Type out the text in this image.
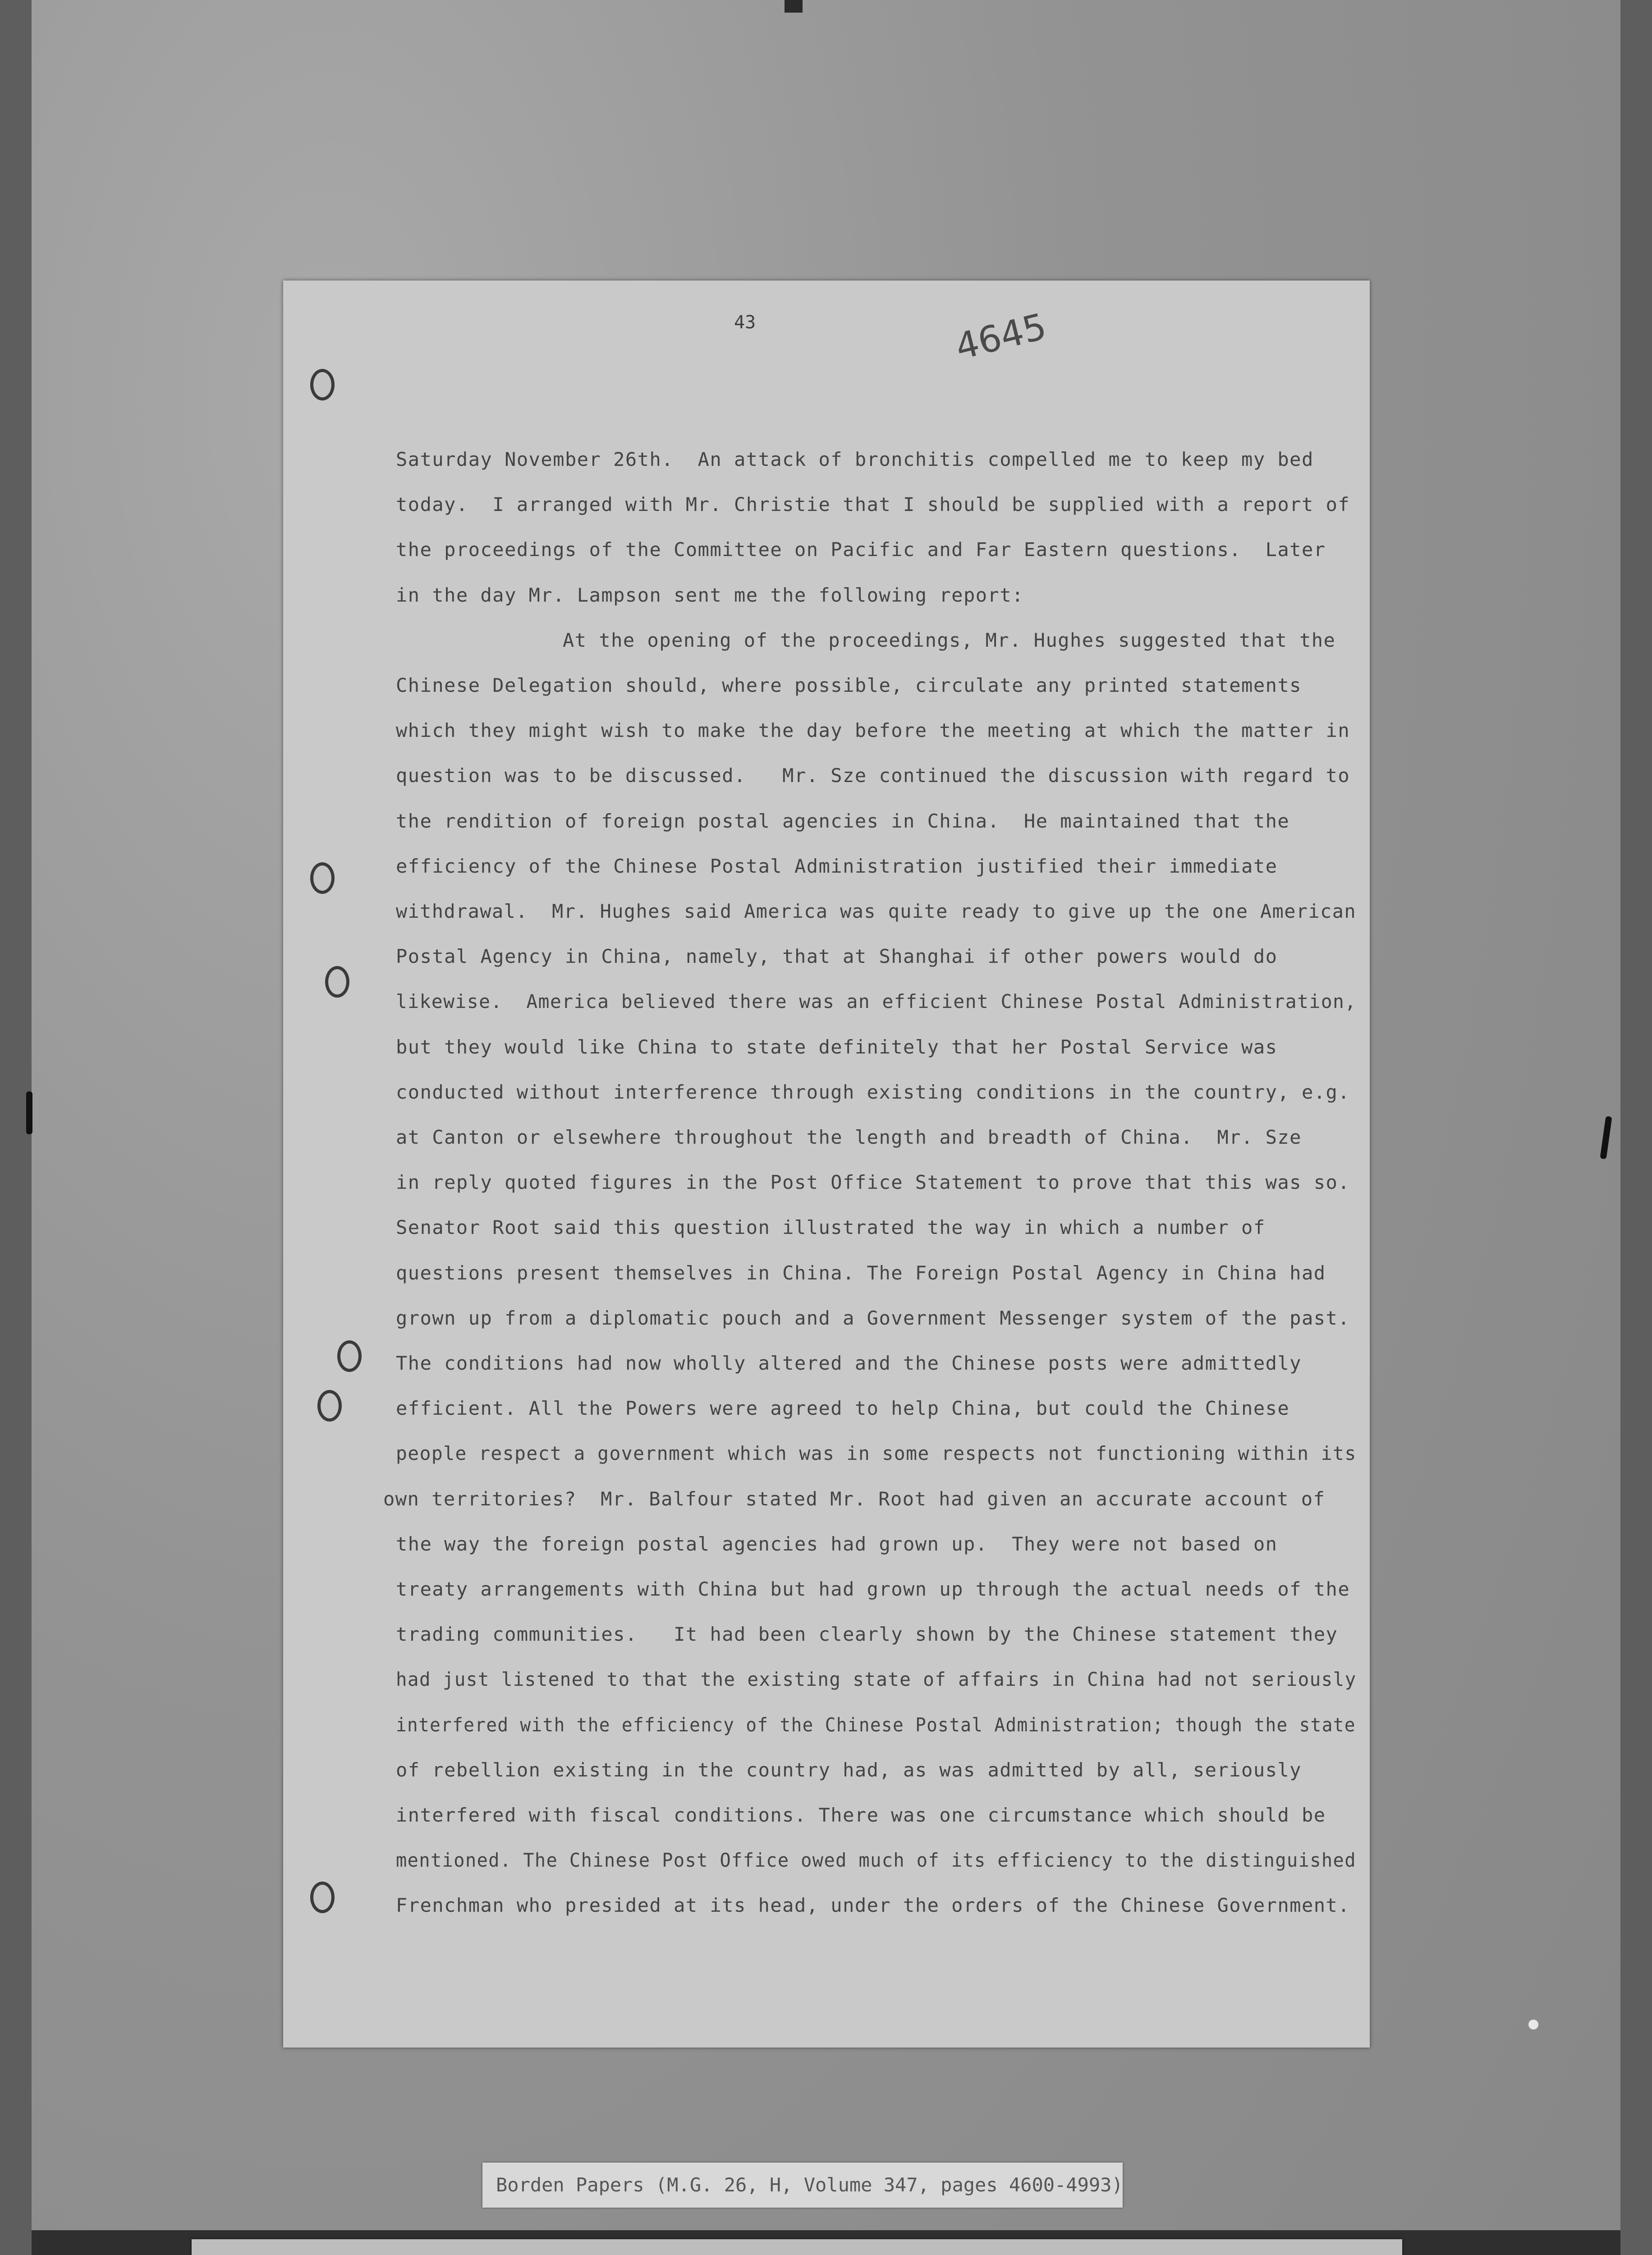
43	4645
Saturday November 26th.  An attack of bronchitis compelled me to keep my bed
today.  I arranged with Mr. Christie that I should be supplied with a report of
the proceedings of the Committee on Pacific and Far Eastern questions.  Later
in the day Mr. Lampson sent me the following report:
At the opening of the proceedings, Mr. Hughes suggested that the
Chinese Delegation should, where possible, circulate any printed statements
which they might wish to make the day before the meeting at which the matter in
question was to be discussed.   Mr. Sze continued the discussion with regard to
the rendition of foreign postal agencies in China.  He maintained that the
efficiency of the Chinese Postal Administration justified their immediate
withdrawal.  Mr. Hughes said America was quite ready to give up the one American
Postal Agency in China, namely, that at Shanghai if other powers would do
likewise.  America believed there was an efficient Chinese Postal Administration,
but they would like China to state definitely that her Postal Service was
conducted without interference through existing conditions in the country, e.g.
at Canton or elsewhere throughout the length and breadth of China.  Mr. Sze
in reply quoted figures in the Post Office Statement to prove that this was so.
Senator Root said this question illustrated the way in which a number of
questions present themselves in China. The Foreign Postal Agency in China had
grown up from a diplomatic pouch and a Government Messenger system of the past.
The conditions had now wholly altered and the Chinese posts were admittedly
efficient. All the Powers were agreed to help China, but could the Chinese
people respect a government which was in some respects not functioning within its
own territories?  Mr. Balfour stated Mr. Root had given an accurate account of
the way the foreign postal agencies had grown up.  They were not based on
treaty arrangements with China but had grown up through the actual needs of the
trading communities.   It had been clearly shown by the Chinese statement they
had just listened to that the existing state of affairs in China had not seriously
interfered with the efficiency of the Chinese Postal Administration; though the state
of rebellion existing in the country had, as was admitted by all, seriously
interfered with fiscal conditions. There was one circumstance which should be
mentioned. The Chinese Post Office owed much of its efficiency to the distinguished
Frenchman who presided at its head, under the orders of the Chinese Government.
Borden Papers (M.G. 26, H, Volume 347, pages 4600-4993)
